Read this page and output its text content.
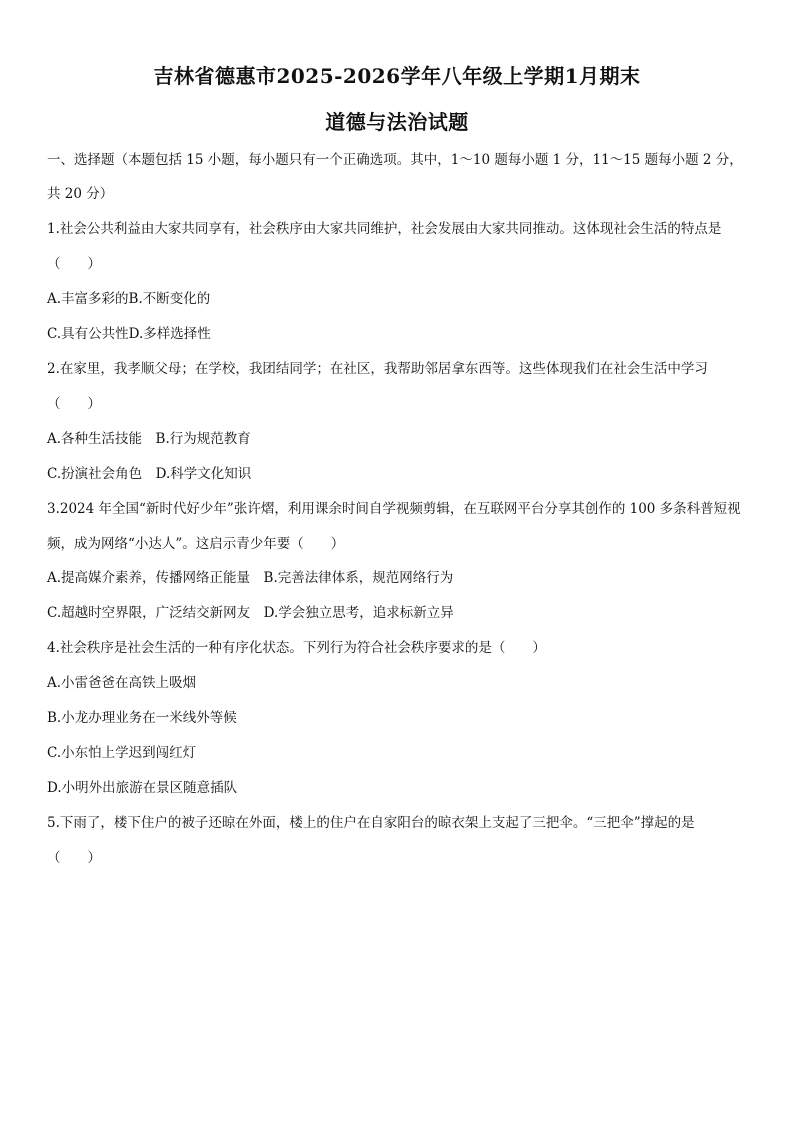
吉林省德惠市2025-2026学年八年级上学期1月期末
道德与法治试题
一、选择题（本题包括 15 小题，每小题只有一个正确选项。其中，1～10 题每小题 1 分，11～15 题每小题 2 分，
共 20 分）
1.社会公共利益由大家共同享有，社会秩序由大家共同维护，社会发展由大家共同推动。这体现社会生活的特点是
（　　）
A.丰富多彩的B.不断变化的
C.具有公共性D.多样选择性
2.在家里，我孝顺父母；在学校，我团结同学；在社区，我帮助邻居拿东西等。这些体现我们在社会生活中学习
（　　）
A.各种生活技能　B.行为规范教育
C.扮演社会角色　D.科学文化知识
3.2024 年全国“新时代好少年”张许熠，利用课余时间自学视频剪辑，在互联网平台分享其创作的 100 多条科普短视
频，成为网络“小达人”。这启示青少年要（　　）
A.提高媒介素养，传播网络正能量　B.完善法律体系，规范网络行为
C.超越时空界限，广泛结交新网友　D.学会独立思考，追求标新立异
4.社会秩序是社会生活的一种有序化状态。下列行为符合社会秩序要求的是（　　）
A.小雷爸爸在高铁上吸烟
B.小龙办理业务在一米线外等候
C.小东怕上学迟到闯红灯
D.小明外出旅游在景区随意插队
5.下雨了，楼下住户的被子还晾在外面，楼上的住户在自家阳台的晾衣架上支起了三把伞。“三把伞”撑起的是
（　　）
